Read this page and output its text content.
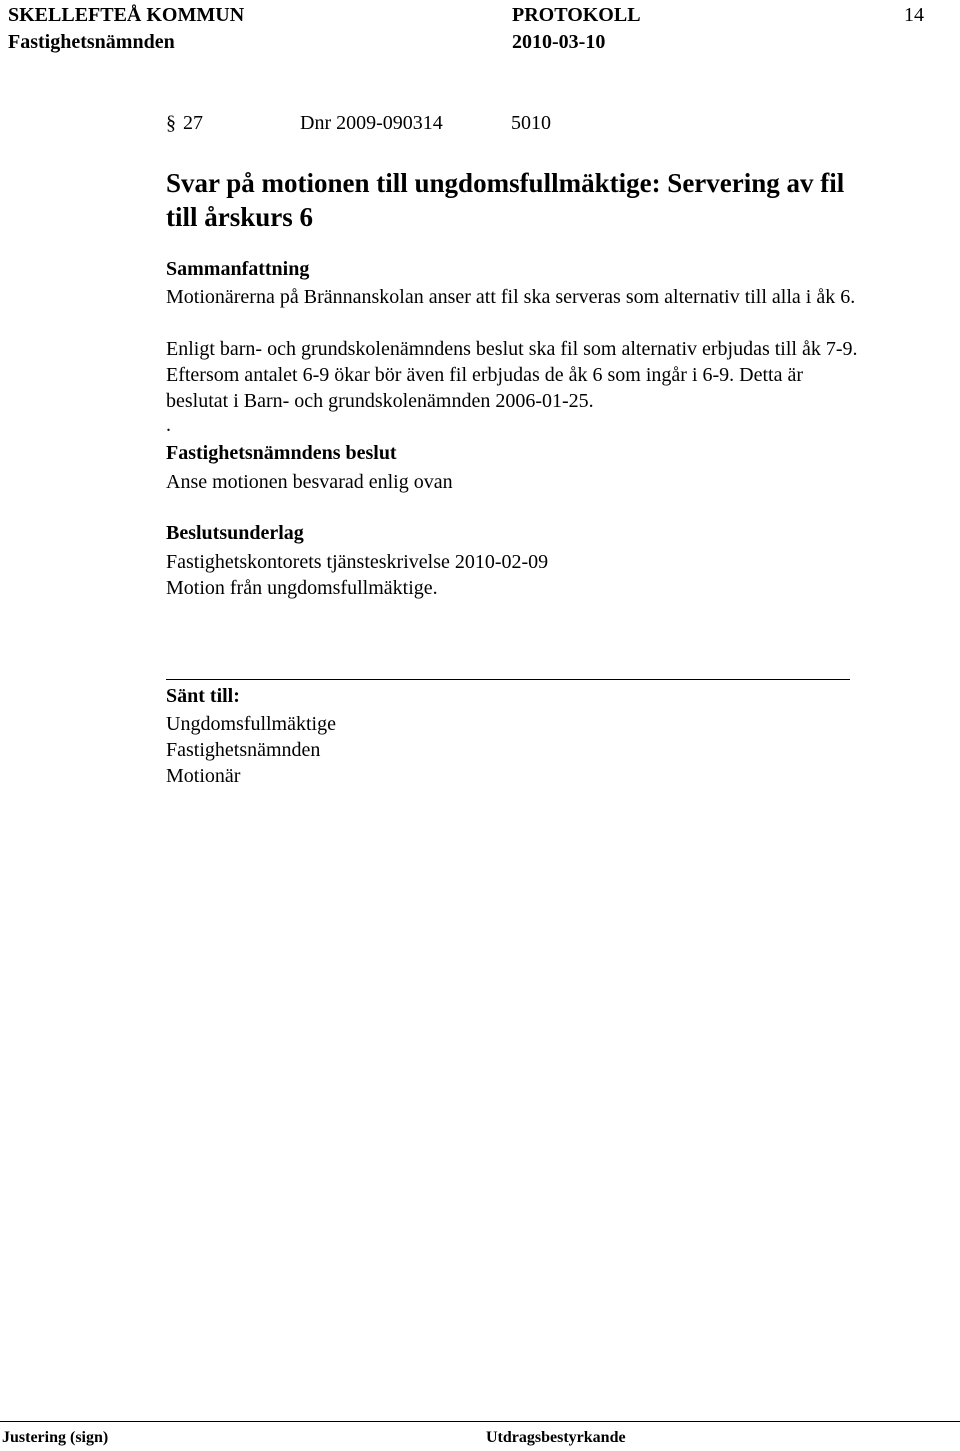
SKELLEFTEÅ KOMMUN	PROTOKOLL	14
Fastighetsnämnden	2010-03-10
§ 27	Dnr 2009-090314	5010
Svar på motionen till ungdomsfullmäktige: Servering av fil
till årskurs 6
Sammanfattning
Motionärerna på Brännanskolan anser att fil ska serveras som alternativ till alla i åk 6.
Enligt barn- och grundskolenämndens beslut ska fil som alternativ erbjudas till åk 7-9.
Eftersom antalet 6-9 ökar bör även fil erbjudas de åk 6 som ingår i 6-9. Detta är
beslutat i Barn- och grundskolenämnden 2006-01-25.
.
Fastighetsnämndens beslut
Anse motionen besvarad enlig ovan
Beslutsunderlag
Fastighetskontorets tjänsteskrivelse 2010-02-09
Motion från ungdomsfullmäktige.
Sänt till:
Ungdomsfullmäktige
Fastighetsnämnden
Motionär
Justering (sign)	Utdragsbestyrkande
